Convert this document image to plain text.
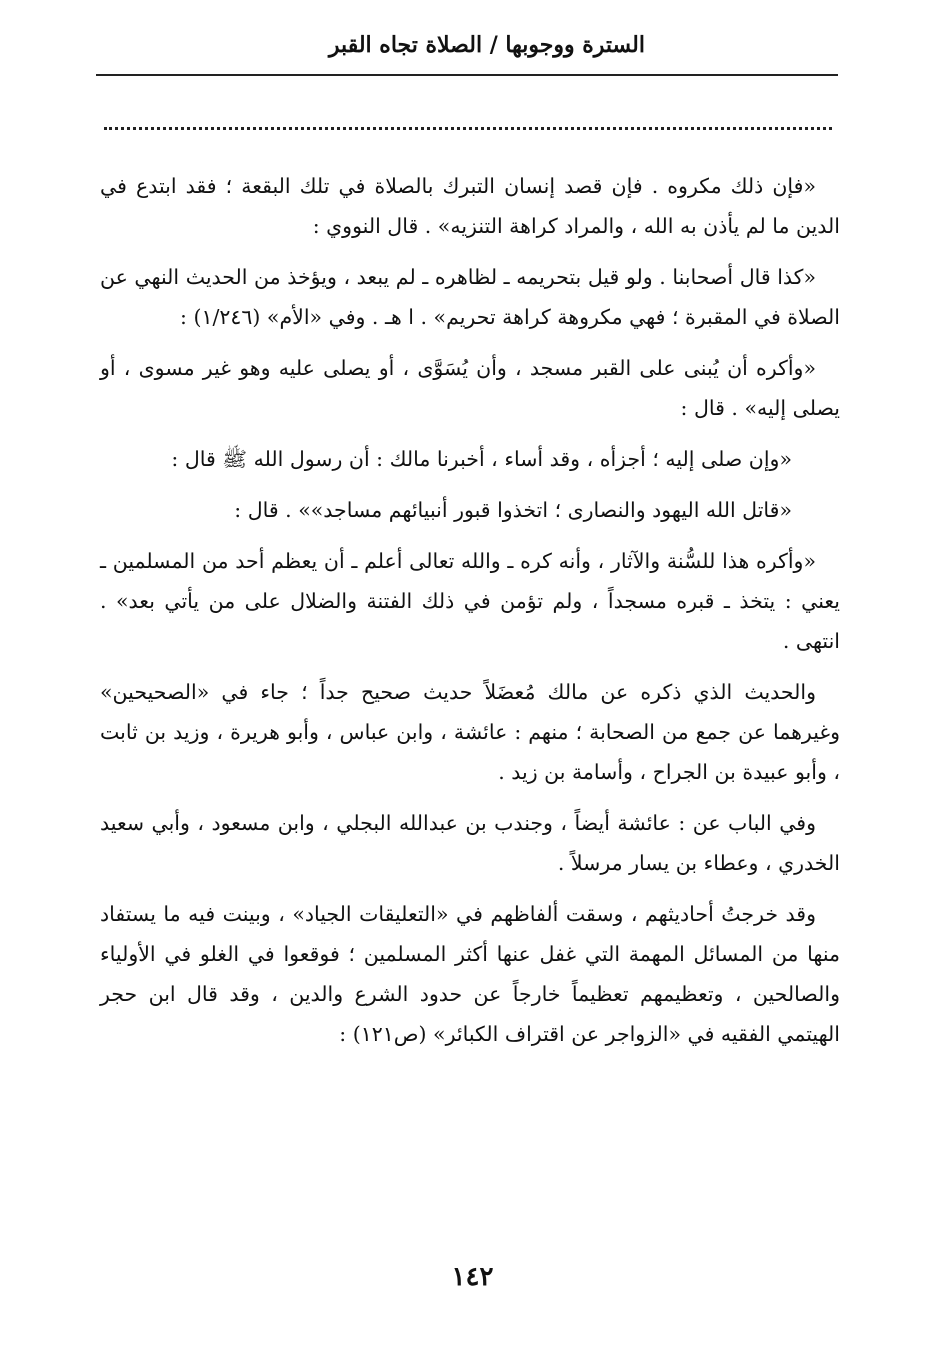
السترة ووجوبها / الصلاة تجاه القبر

«فإن ذلك مكروه . فإن قصد إنسان التبرك بالصلاة في تلك البقعة ؛ فقد ابتدع في الدين ما لم يأذن به الله ، والمراد كراهة التنزيه» . قال النووي :

«كذا قال أصحابنا . ولو قيل بتحريمه ـ لظاهره ـ لم يبعد ، ويؤخذ من الحديث النهي عن الصلاة في المقبرة ؛ فهي مكروهة كراهة تحريم» . ا هـ . وفي «الأم» (١/٢٤٦) :

«وأكره أن يُبنى على القبر مسجد ، وأن يُسَوَّى ، أو يصلى عليه وهو غير مسوى ، أو يصلى إليه» . قال :

«وإن صلى إليه ؛ أجزأه ، وقد أساء ، أخبرنا مالك : أن رسول الله ﷺ قال :

«قاتل الله اليهود والنصارى ؛ اتخذوا قبور أنبيائهم مساجد»» . قال :

«وأكره هذا للسُّنة والآثار ، وأنه كره ـ والله تعالى أعلم ـ أن يعظم أحد من المسلمين ـ يعني : يتخذ ـ قبره مسجداً ، ولم تؤمن في ذلك الفتنة والضلال على من يأتي بعد» . انتهى .

والحديث الذي ذكره عن مالك مُعضَلاً حديث صحيح جداً ؛ جاء في «الصحيحين» وغيرهما عن جمع من الصحابة ؛ منهم : عائشة ، وابن عباس ، وأبو هريرة ، وزيد بن ثابت ، وأبو عبيدة بن الجراح ، وأسامة بن زيد .

وفي الباب عن : عائشة أيضاً ، وجندب بن عبدالله البجلي ، وابن مسعود ، وأبي سعيد الخدري ، وعطاء بن يسار مرسلاً .

وقد خرجتُ أحاديثهم ، وسقت ألفاظهم في «التعليقات الجياد» ، وبينت فيه ما يستفاد منها من المسائل المهمة التي غفل عنها أكثر المسلمين ؛ فوقعوا في الغلو في الأولياء والصالحين ، وتعظيمهم تعظيماً خارجاً عن حدود الشرع والدين ، وقد قال ابن حجر الهيتمي الفقيه في «الزواجر عن اقتراف الكبائر» (ص١٢١) :

١٤٢
